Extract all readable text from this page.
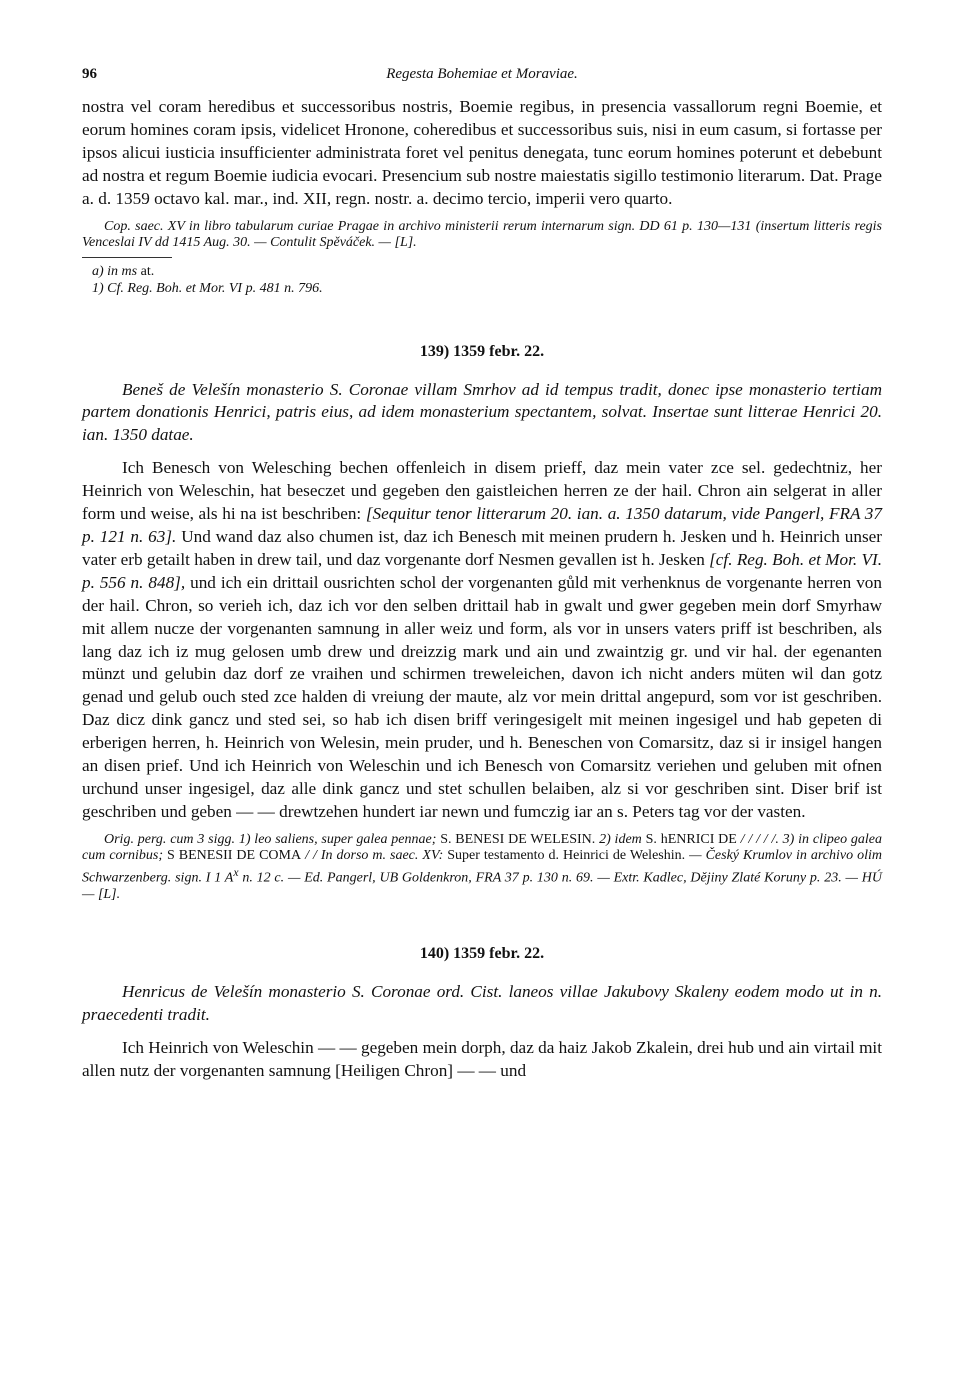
96	Regesta Bohemiae et Moraviae.

nostra vel coram heredibus et successoribus nostris, Boemie regibus, in presencia vassallorum regni Boemie, et eorum homines coram ipsis, videlicet Hronone, coheredibus et successoribus suis, nisi in eum casum, si fortasse per ipsos alicui iusticia insufficienter administrata foret vel penitus denegata, tunc eorum homines poterunt et debebunt ad nostra et regum Boemie iudicia evocari. Presencium sub nostre maiestatis sigillo testimonio literarum. Dat. Prage a. d. 1359 octavo kal. mar., ind. XII, regn. nostr. a. decimo tercio, imperii vero quarto.

Cop. saec. XV in libro tabularum curiae Pragae in archivo ministerii rerum internarum sign. DD 61 p. 130—131 (insertum litteris regis Venceslai IV dd 1415 Aug. 30. — Contulit Spěváček. — [L].

a) in ms at.

1) Cf. Reg. Boh. et Mor. VI p. 481 n. 796.

139) 1359 febr. 22.

Beneš de Velešín monasterio S. Coronae villam Smrhov ad id tempus tradit, donec ipse monasterio tertiam partem donationis Henrici, patris eius, ad idem monasterium spectantem, solvat. Insertae sunt litterae Henrici 20. ian. 1350 datae.

Ich Benesch von Welesching bechen offenleich in disem prieff, daz mein vater zce sel. gedechtniz, her Heinrich von Weleschin, hat beseczet und gegeben den gaistleichen herren ze der hail. Chron ain selgerat in aller form und weise, als hi na ist beschriben: [Sequitur tenor litterarum 20. ian. a. 1350 datarum, vide Pangerl, FRA 37 p. 121 n. 63]. Und wand daz also chumen ist, daz ich Benesch mit meinen prudern h. Jesken und h. Heinrich unser vater erb getailt haben in drew tail, und daz vorgenante dorf Nesmen gevallen ist h. Jesken [cf. Reg. Boh. et Mor. VI. p. 556 n. 848], und ich ein drittail ousrichten schol der vorgenanten gůld mit verhenknus de vorgenante herren von der hail. Chron, so verieh ich, daz ich vor den selben drittail hab in gwalt und gwer gegeben mein dorf Smyrhaw mit allem nucze der vorgenanten samnung in aller weiz und form, als vor in unsers vaters priff ist beschriben, als lang daz ich iz mug gelosen umb drew und dreizzig mark und ain und zwaintzig gr. und vir hal. der egenanten münzt und gelubin daz dorf ze vraihen und schirmen treweleichen, davon ich nicht anders müten wil dan gotz genad und gelub ouch sted zce halden di vreiung der maute, alz vor mein drittal angepurd, som vor ist geschriben. Daz dicz dink gancz und sted sei, so hab ich disen briff veringesigelt mit meinen ingesigel und hab gepeten di erberigen herren, h. Heinrich von Welesin, mein pruder, und h. Beneschen von Comarsitz, daz si ir insigel hangen an disen prief. Und ich Heinrich von Weleschin und ich Benesch von Comarsitz veriehen und geluben mit ofnen urchund unser ingesigel, daz alle dink gancz und stet schullen belaiben, alz si vor geschriben sint. Diser brif ist geschriben und geben — — drewtzehen hundert iar newn und fumczig iar an s. Peters tag vor der vasten.

Orig. perg. cum 3 sigg. 1) leo saliens, super galea pennae; S. BENESI DE WELESIN. 2) idem S. hENRICI DE / / / / /. 3) in clipeo galea cum cornibus; S BENESII DE COMA / / In dorso m. saec. XV: Super testamento d. Heinrici de Weleshin. — Český Krumlov in archivo olim Schwarzenberg. sign. I 1 $A^x$ n. 12 c. — Ed. Pangerl, UB Goldenkron, FRA 37 p. 130 n. 69. — Extr. Kadlec, Dějiny Zlaté Koruny p. 23. — HÚ — [L].

140) 1359 febr. 22.

Henricus de Velešín monasterio S. Coronae ord. Cist. laneos villae Jakubovy Skaleny eodem modo ut in n. praecedenti tradit.

Ich Heinrich von Weleschin — — gegeben mein dorph, daz da haiz Jakob Zkalein, drei hub und ain virtail mit allen nutz der vorgenanten samnung [Heiligen Chron] — — und
